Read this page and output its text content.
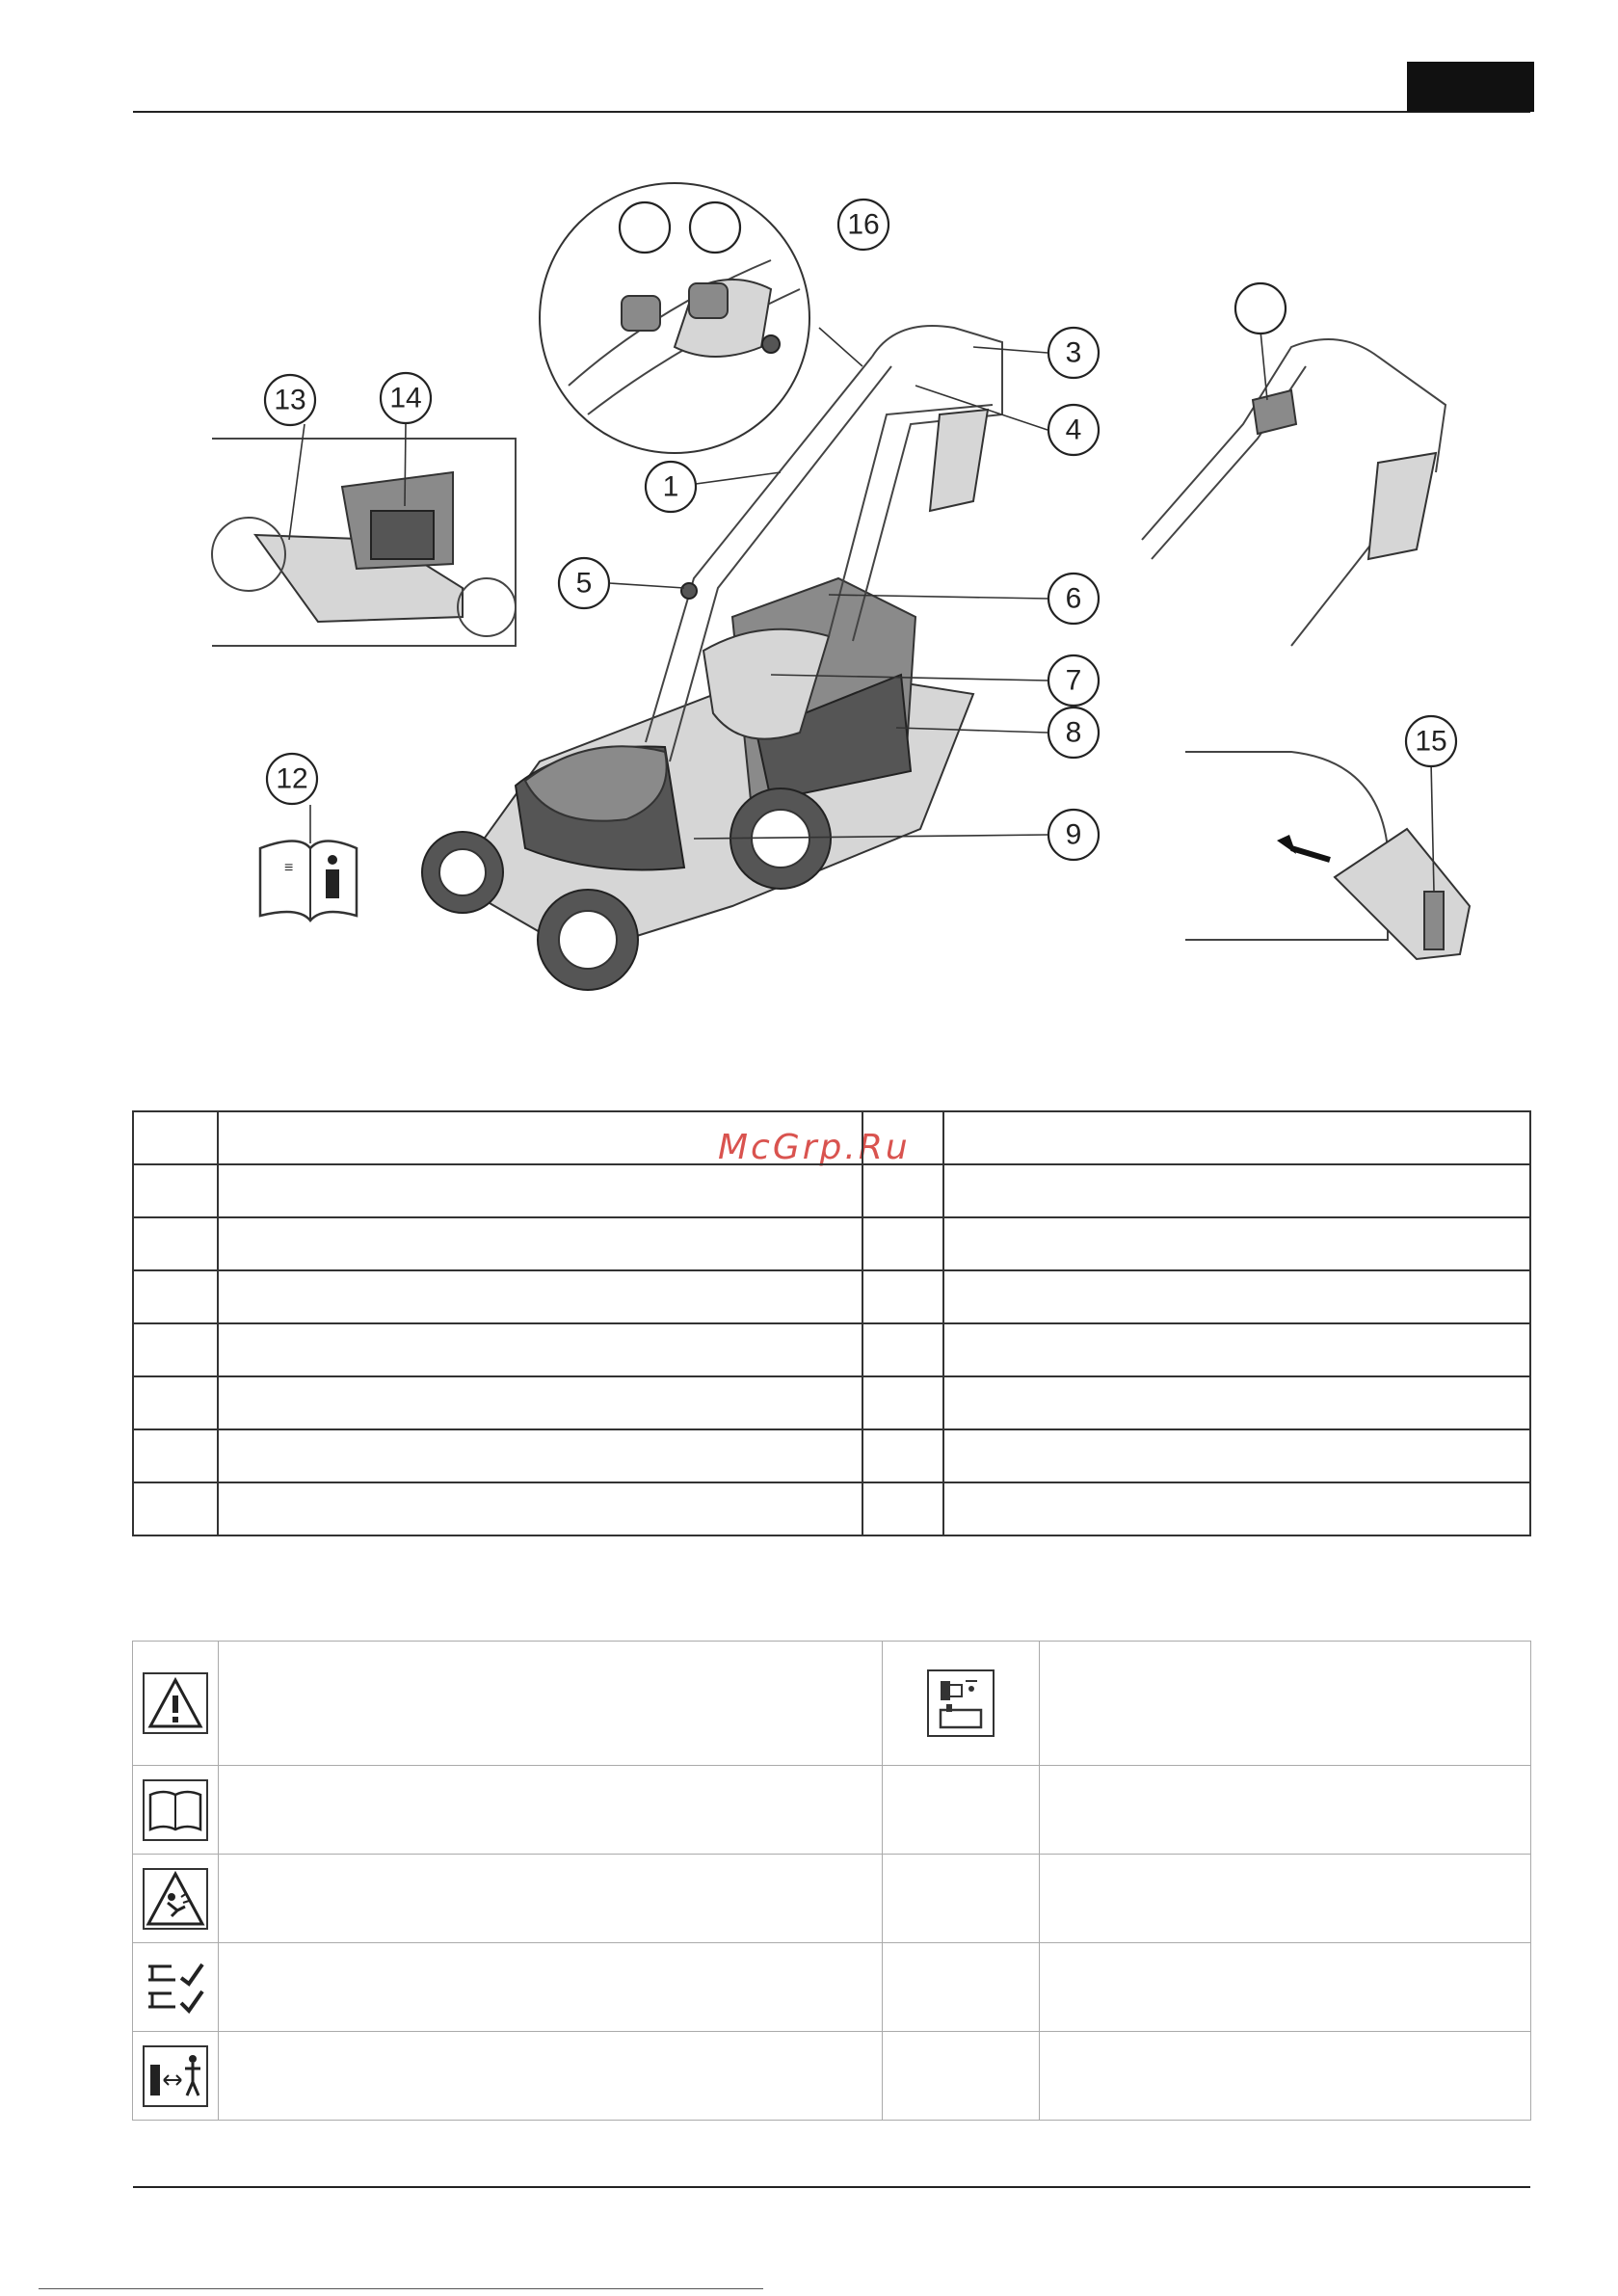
≡
1
3
4
5	6
7
8
9
12
13	14
15
16
McGrp.Ru
